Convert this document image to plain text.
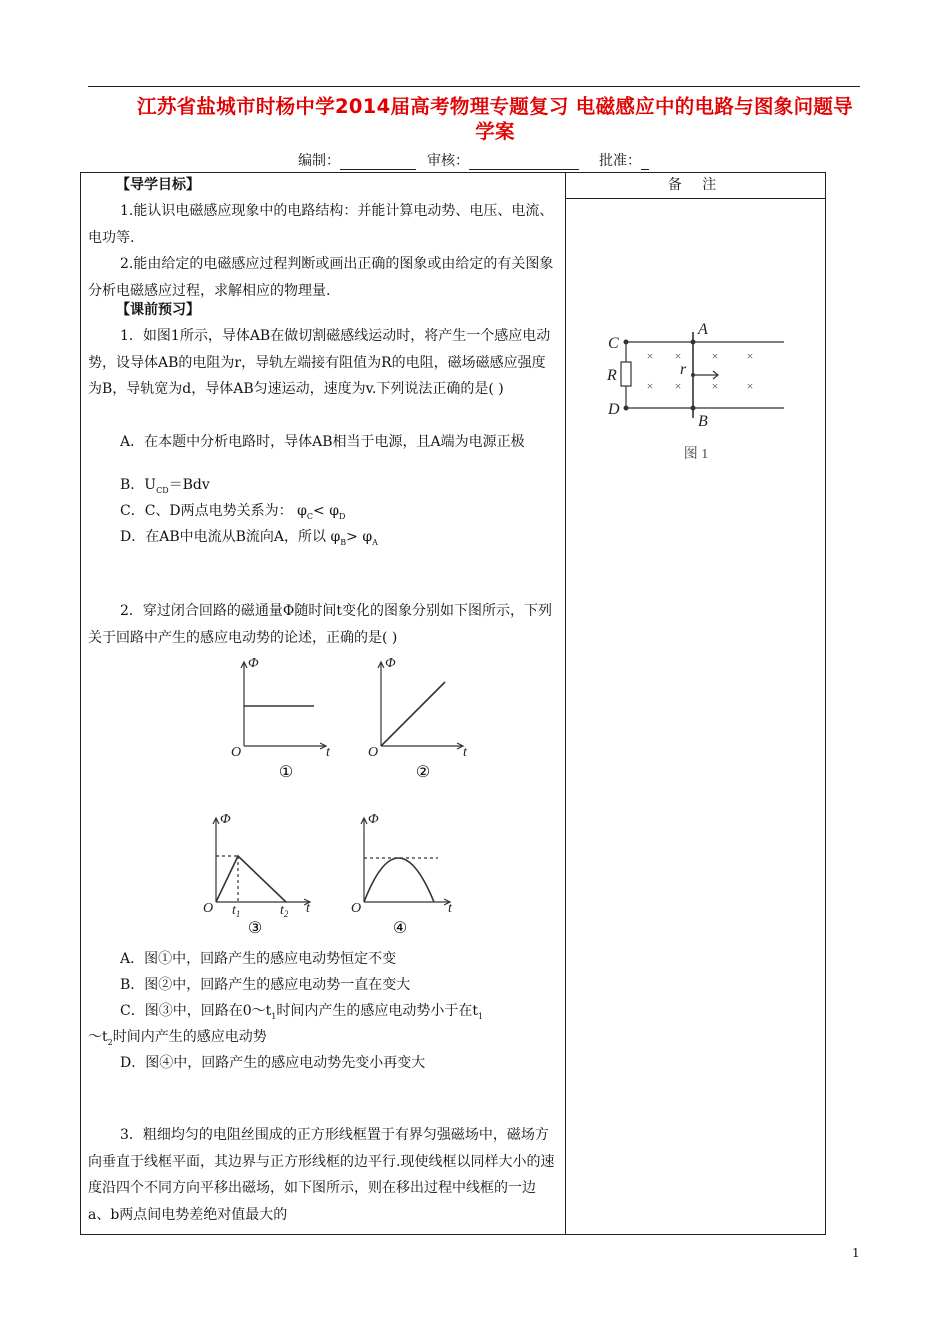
江苏省盐城市时杨中学2014届高考物理专题复习 电磁感应中的电路与图象问题导学案
编制：	审核：	批准：
备 注
× ×	× ×
× ×	× ×
C
D
A
B
R	r
图 1
【导学目标】
1.能认识电磁感应现象中的电路结构：并能计算电动势、电压、电流、电功等.
2.能由给定的电磁感应过程判断或画出正确的图象或由给定的有关图象分析电磁感应过程，求解相应的物理量.
【课前预习】
1．如图1所示，导体AB在做切割磁感线运动时，将产生一个感应电动势，设导体AB的电阻为r，导轨左端接有阻值为R的电阻，磁场磁感应强度为B，导轨宽为d，导体AB匀速运动，速度为v.下列说法正确的是( )
A．在本题中分析电路时，导体AB相当于电源，且A端为电源正极
B．$U_{CD}=Bdv$
C．C、D两点电势关系为： $\varphi_C< \varphi_D$
D．在AB中电流从B流向A，所以 $\varphi_B> \varphi_A$
2．穿过闭合回路的磁通量Φ随时间t变化的图象分别如下图所示，下列关于回路中产生的感应电动势的论述，正确的是( )
A．图①中，回路产生的感应电动势恒定不变
B．图②中，回路产生的感应电动势一直在变大
C．图③中，回路在$0\sim t_1$时间内产生的感应电动势小于在$t_1$
$\sim t_2$时间内产生的感应电动势
D．图④中，回路产生的感应电动势先变小再变大
3．粗细均匀的电阻丝围成的正方形线框置于有界匀强磁场中，磁场方向垂直于线框平面，其边界与正方形线框的边平行.现使线框以同样大小的速度沿四个不同方向平移出磁场，如下图所示，则在移出过程中线框的一边a、b两点间电势差绝对值最大的
Φ
O	t
①
Φ
O	t
②
Φ
O	t
$t_1$	$t_2$
③
Φ
O	t
④
1
